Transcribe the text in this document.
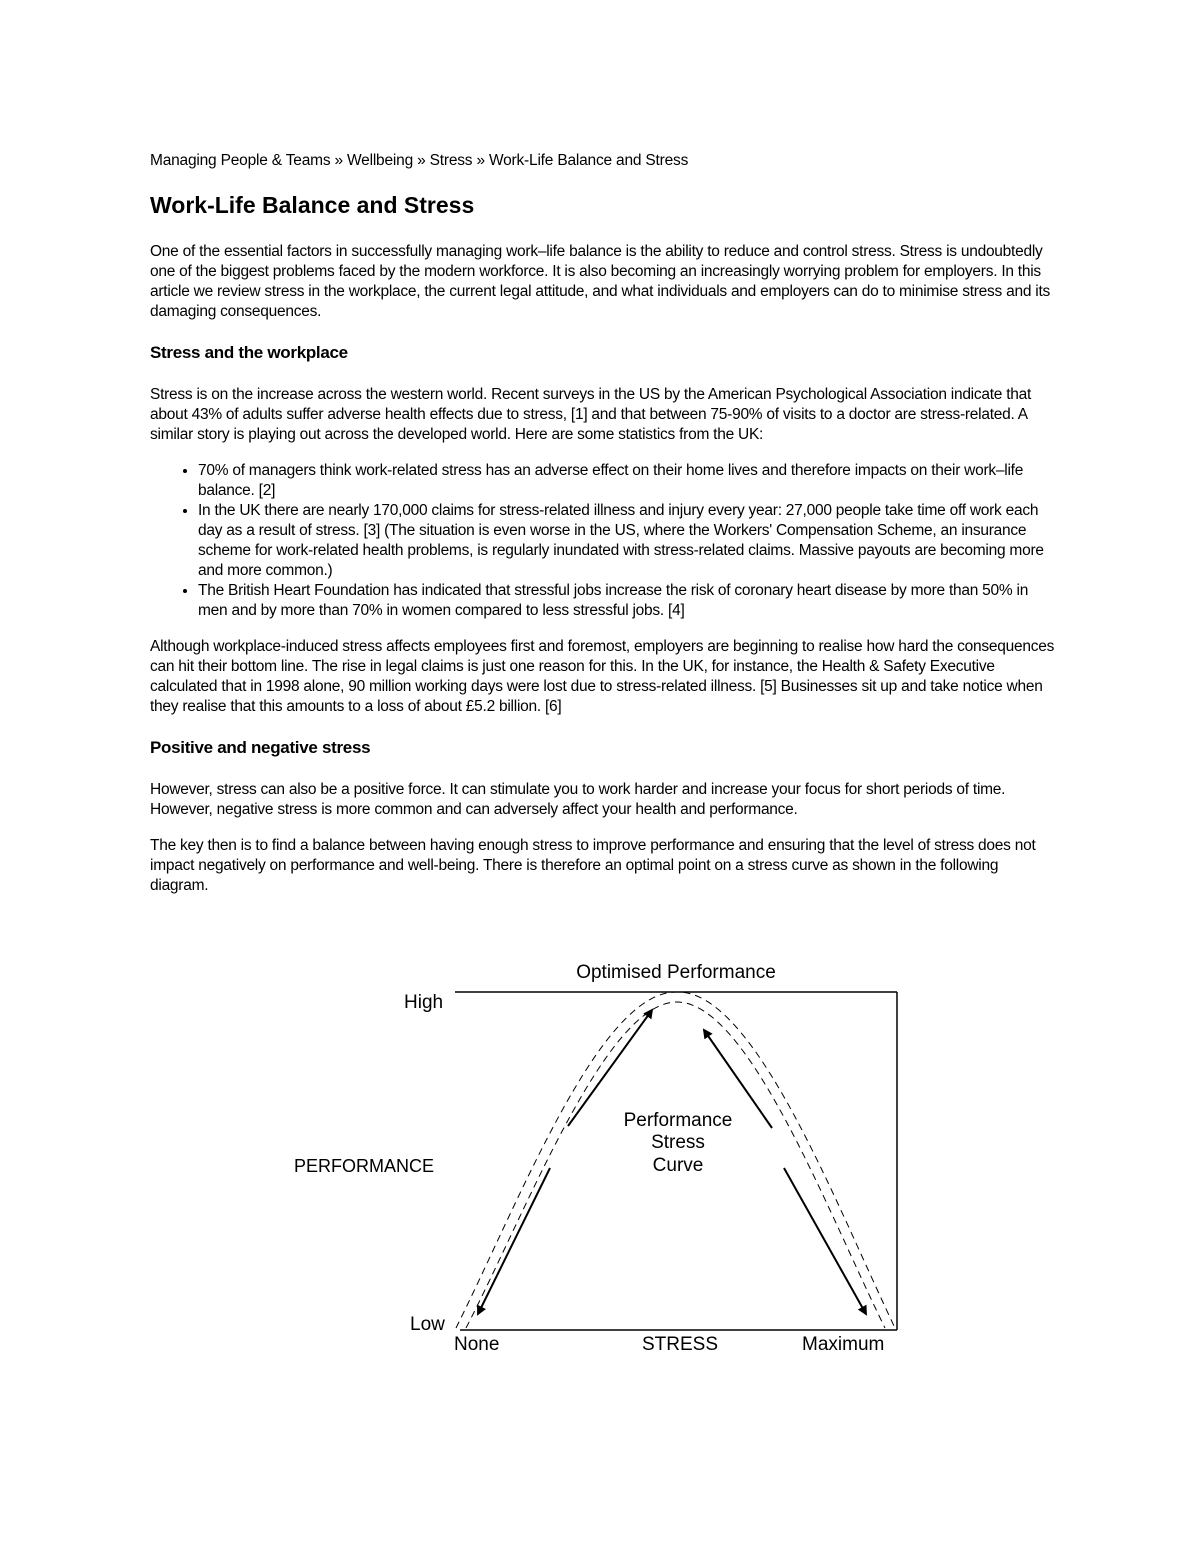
Managing People & Teams » Wellbeing » Stress » Work-Life Balance and Stress
Work-Life Balance and Stress

One of the essential factors in successfully managing work–life balance is the ability to reduce and control stress. Stress is undoubtedly one of the biggest problems faced by the modern workforce. It is also becoming an increasingly worrying problem for employers. In this article we review stress in the workplace, the current legal attitude, and what individuals and employers can do to minimise stress and its damaging consequences.

Stress and the workplace

Stress is on the increase across the western world. Recent surveys in the US by the American Psychological Association indicate that about 43% of adults suffer adverse health effects due to stress, [1] and that between 75-90% of visits to a doctor are stress-related. A similar story is playing out across the developed world. Here are some statistics from the UK:

• 70% of managers think work-related stress has an adverse effect on their home lives and therefore impacts on their work–life balance. [2]
• In the UK there are nearly 170,000 claims for stress-related illness and injury every year: 27,000 people take time off work each day as a result of stress. [3] (The situation is even worse in the US, where the Workers' Compensation Scheme, an insurance scheme for work-related health problems, is regularly inundated with stress-related claims. Massive payouts are becoming more and more common.)
• The British Heart Foundation has indicated that stressful jobs increase the risk of coronary heart disease by more than 50% in men and by more than 70% in women compared to less stressful jobs. [4]

Although workplace-induced stress affects employees first and foremost, employers are beginning to realise how hard the consequences can hit their bottom line. The rise in legal claims is just one reason for this. In the UK, for instance, the Health & Safety Executive calculated that in 1998 alone, 90 million working days were lost due to stress-related illness. [5] Businesses sit up and take notice when they realise that this amounts to a loss of about £5.2 billion. [6]

Positive and negative stress

However, stress can also be a positive force. It can stimulate you to work harder and increase your focus for short periods of time. However, negative stress is more common and can adversely affect your health and performance.

The key then is to find a balance between having enough stress to improve performance and ensuring that the level of stress does not impact negatively on performance and well-being. There is therefore an optimal point on a stress curve as shown in the following diagram.

Optimised Performance
High
Low
PERFORMANCE
None	STRESS	Maximum
Performance
Stress
Curve
